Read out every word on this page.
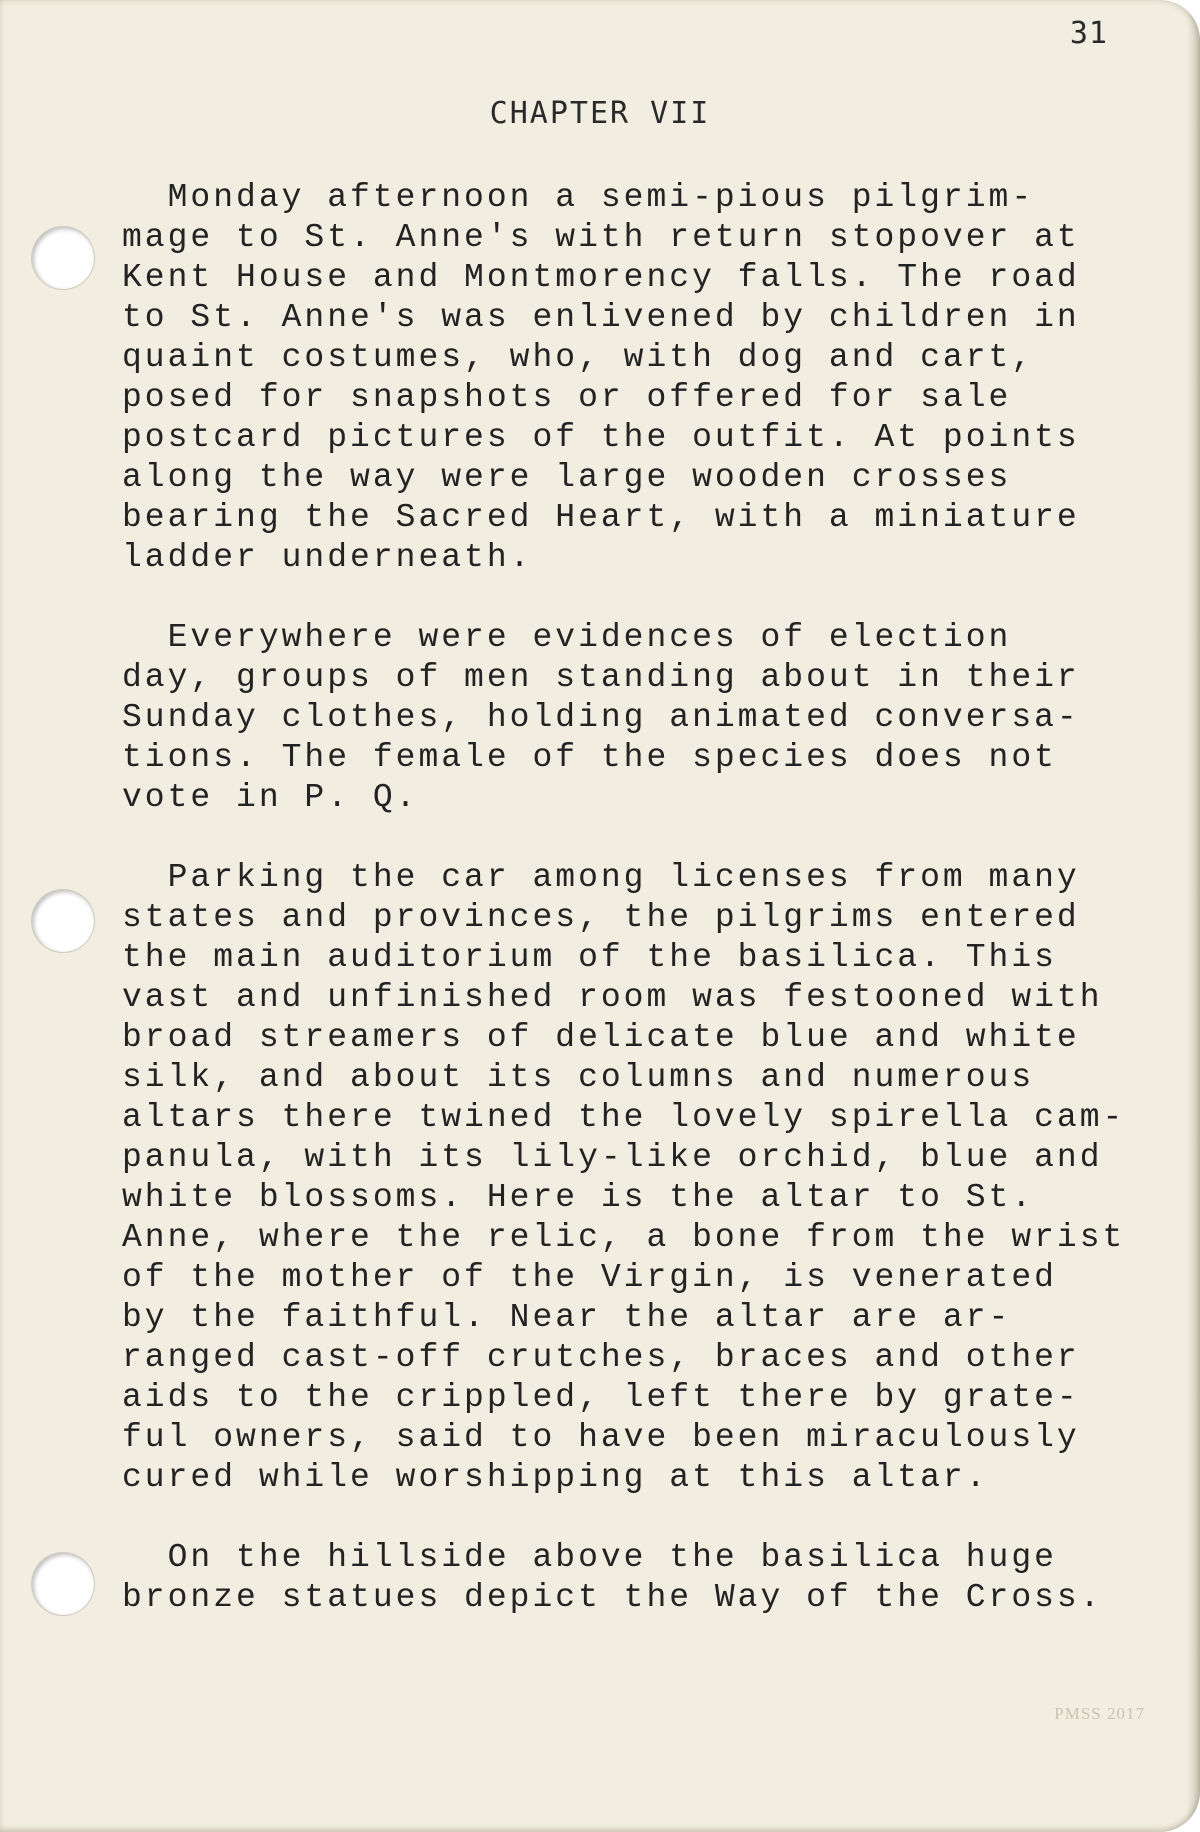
31
CHAPTER VII
Monday afternoon a semi-pious pilgrim-
mage to St. Anne's with return stopover at
Kent House and Montmorency falls. The road
to St. Anne's was enlivened by children in
quaint costumes, who, with dog and cart,
posed for snapshots or offered for sale
postcard pictures of the outfit. At points
along the way were large wooden crosses
bearing the Sacred Heart, with a miniature
ladder underneath.
Everywhere were evidences of election
day, groups of men standing about in their
Sunday clothes, holding animated conversa-
tions. The female of the species does not
vote in P. Q.
Parking the car among licenses from many
states and provinces, the pilgrims entered
the main auditorium of the basilica. This
vast and unfinished room was festooned with
broad streamers of delicate blue and white
silk, and about its columns and numerous
altars there twined the lovely spirella cam-
panula, with its lily-like orchid, blue and
white blossoms. Here is the altar to St.
Anne, where the relic, a bone from the wrist
of the mother of the Virgin, is venerated
by the faithful. Near the altar are ar-
ranged cast-off crutches, braces and other
aids to the crippled, left there by grate-
ful owners, said to have been miraculously
cured while worshipping at this altar.
On the hillside above the basilica huge
bronze statues depict the Way of the Cross.
PMSS 2017
